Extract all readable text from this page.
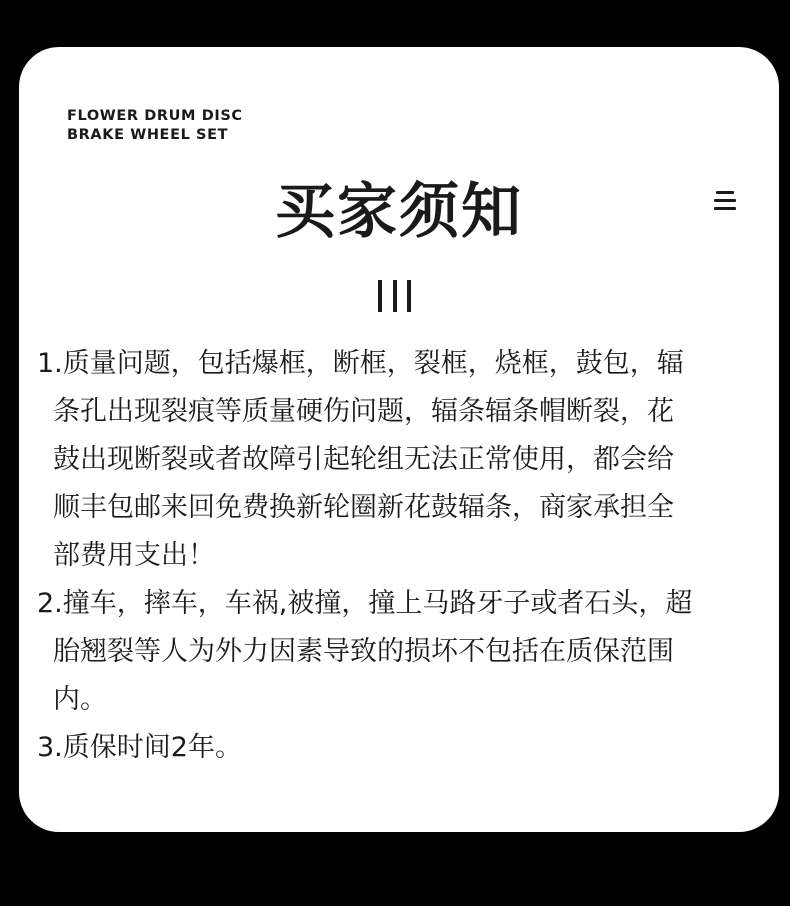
FLOWER DRUM DISC
BRAKE WHEEL SET
买家须知
1.质量问题，包括爆框，断框，裂框，烧框，鼓包，辐
条孔出现裂痕等质量硬伤问题，辐条辐条帽断裂，花
鼓出现断裂或者故障引起轮组无法正常使用，都会给
顺丰包邮来回免费换新轮圈新花鼓辐条，商家承担全
部费用支出！
2.撞车，摔车，车祸,被撞，撞上马路牙子或者石头，超
胎翘裂等人为外力因素导致的损坏不包括在质保范围
内。
3.质保时间2年。
